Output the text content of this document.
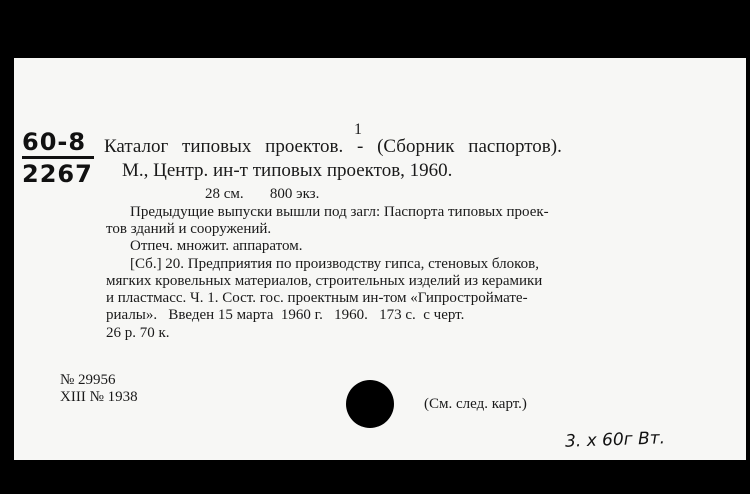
60-8
2267
1
Каталог типовых проектов. - (Сборник паспортов).
М., Центр. ин-т типовых проектов, 1960.
28 см.       800 экз.
Предыдущие выпуски вышли под загл: Паспорта типовых проек-
тов зданий и сооружений.
Отпеч. множит. аппаратом.
[Сб.] 20. Предприятия по производству гипса, стеновых блоков,
мягких кровельных материалов, строительных изделий из керамики
и пластмасс. Ч. 1. Сост. гос. проектным ин-том «Гипростроймате-
риалы».   Введен 15 марта  1960 г.   1960.   173 с.  с черт.
26 р. 70 к.
№ 29956
XIII № 1938	(См. след. карт.)
3. x 60г Вт.
